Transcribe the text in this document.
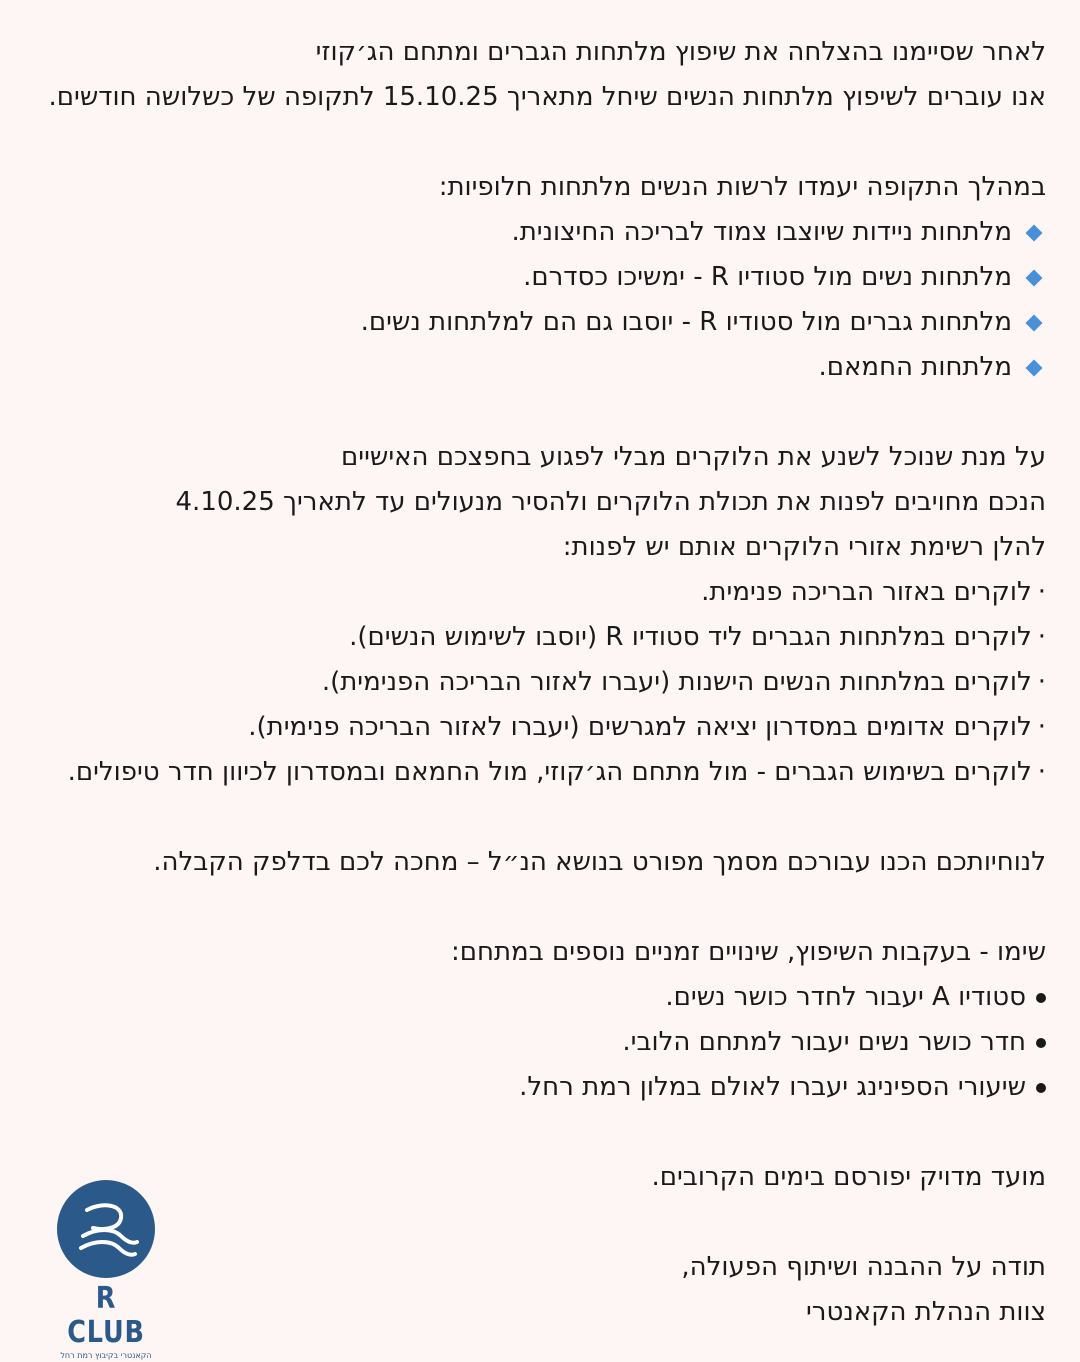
לאחר שסיימנו בהצלחה את שיפוץ מלתחות הגברים ומתחם הג׳קוזי
אנו עוברים לשיפוץ מלתחות הנשים שיחל מתאריך 15.10.25 לתקופה של כשלושה חודשים.
במהלך התקופה יעמדו לרשות הנשים מלתחות חלופיות:
מלתחות ניידות שיוצבו צמוד לבריכה החיצונית.
מלתחות נשים מול סטודיו R - ימשיכו כסדרם.
מלתחות גברים מול סטודיו R - יוסבו גם הם למלתחות נשים.
מלתחות החמאם.
על מנת שנוכל לשנע את הלוקרים מבלי לפגוע בחפצכם האישיים
הנכם מחויבים לפנות את תכולת הלוקרים ולהסיר מנעולים עד לתאריך 4.10.25
להלן רשימת אזורי הלוקרים אותם יש לפנות:
·לוקרים באזור הבריכה פנימית.
·לוקרים במלתחות הגברים ליד סטודיו R (יוסבו לשימוש הנשים).
·לוקרים במלתחות הנשים הישנות (יעברו לאזור הבריכה הפנימית).
·לוקרים אדומים במסדרון יציאה למגרשים (יעברו לאזור הבריכה פנימית).
·לוקרים בשימוש הגברים - מול מתחם הג׳קוזי, מול החמאם ובמסדרון לכיוון חדר טיפולים.
לנוחיותכם הכנו עבורכם מסמך מפורט בנושא הנ״ל – מחכה לכם בדלפק הקבלה.
שימו - בעקבות השיפוץ, שינויים זמניים נוספים במתחם:
סטודיו A יעבור לחדר כושר נשים.
חדר כושר נשים יעבור למתחם הלובי.
שיעורי הספינינג יעברו לאולם במלון רמת רחל.
מועד מדויק יפורסם בימים הקרובים.
תודה על ההבנה ושיתוף הפעולה,
צוות הנהלת הקאנטרי
R CLUB
הקאנטרי בקיבוץ רמת רחל
